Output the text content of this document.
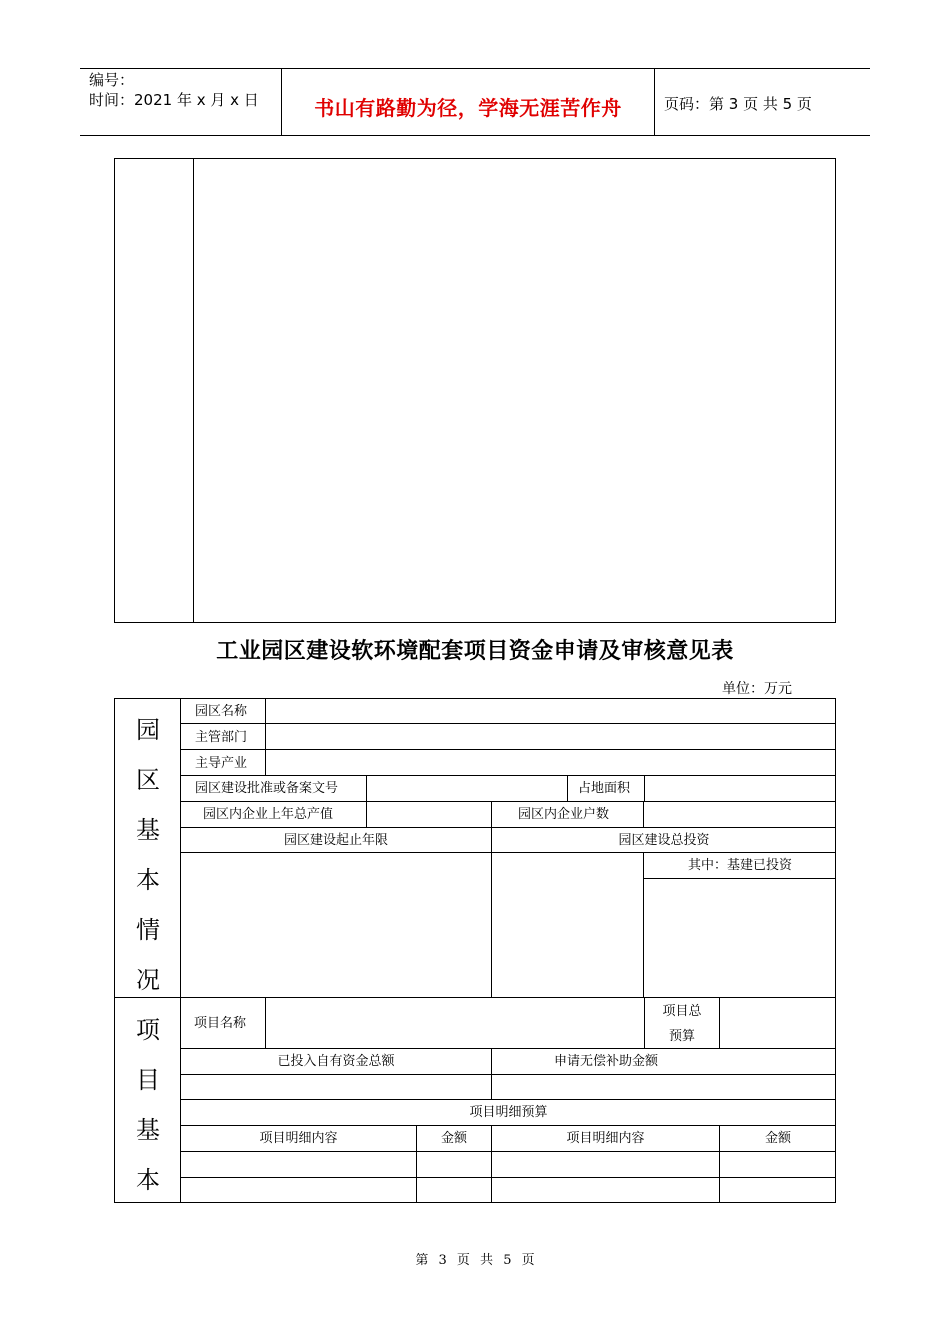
编号：
时间：2021 年 x 月 x 日	书山有路勤为径，学海无涯苦作舟	页码：第 3 页 共 5 页
工业园区建设软环境配套项目资金申请及审核意见表
单位：万元
园
区
基
本
情
况
园区名称
主管部门
主导产业
园区建设批准或备案文号	占地面积
园区内企业上年总产值	园区内企业户数
园区建设起止年限	园区建设总投资
其中：基建已投资
项
目
基
本
项目名称
项目总
预算
已投入自有资金总额	申请无偿补助金额
项目明细预算
项目明细内容	金额	项目明细内容	金额
第 3 页 共 5 页
